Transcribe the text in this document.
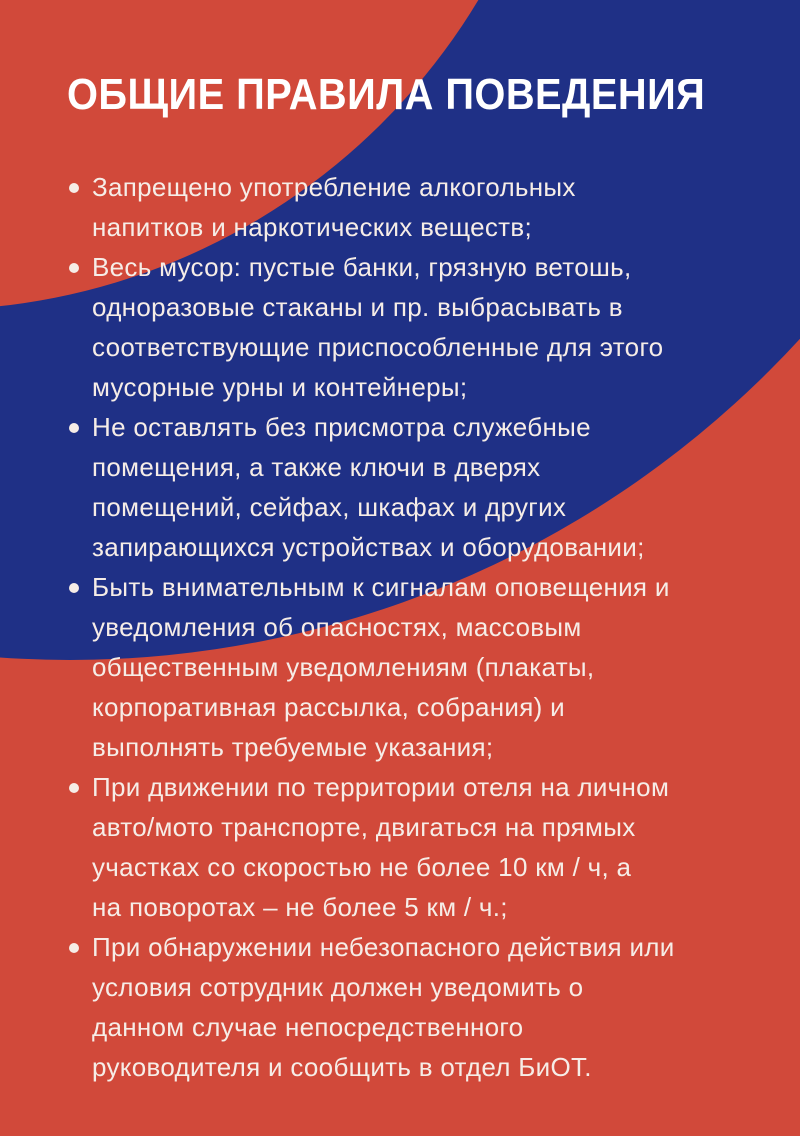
ОБЩИЕ ПРАВИЛА ПОВЕДЕНИЯ
Запрещено употребление алкогольных
напитков и наркотических веществ;
Весь мусор: пустые банки, грязную ветошь,
одноразовые стаканы и пр. выбрасывать в
соответствующие приспособленные для этого
мусорные урны и контейнеры;
Не оставлять без присмотра служебные
помещения, а также ключи в дверях
помещений, сейфах, шкафах и других
запирающихся устройствах и оборудовании;
Быть внимательным к сигналам оповещения и
уведомления об опасностях, массовым
общественным уведомлениям (плакаты,
корпоративная рассылка, собрания) и
выполнять требуемые указания;
При движении по территории отеля на личном
авто/мото транспорте, двигаться на прямых
участках со скоростью не более 10 км / ч, а
на поворотах – не более 5 км / ч.;
При обнаружении небезопасного действия или
условия сотрудник должен уведомить о
данном случае непосредственного
руководителя и сообщить в отдел БиОТ.
